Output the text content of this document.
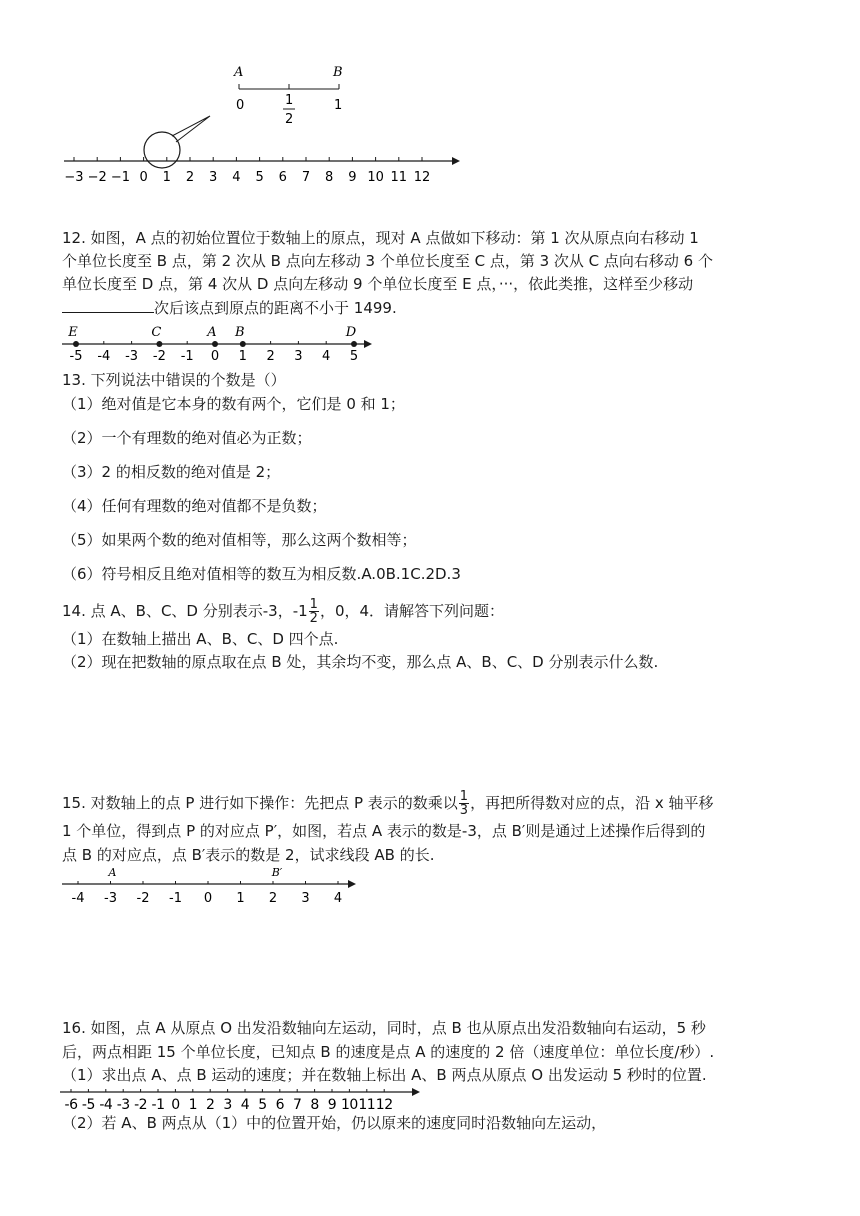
A	B
0	1
2
1
−3 −2 −1 0 1 2 3 4 5 6 7 8 9 10 11 12
12. 如图，A 点的初始位置位于数轴上的原点，现对 A 点做如下移动：第 1 次从原点向右移动 1
个单位长度至 B 点，第 2 次从 B 点向左移动 3 个单位长度至 C 点，第 3 次从 C 点向右移动 6 个
单位长度至 D 点，第 4 次从 D 点向左移动 9 个单位长度至 E 点，···，依此类推，这样至少移动
次后该点到原点的距离不小于 1499.
-5 -4 -3 -2 -1 0 1 2 3 4 5
E	C	A B	D
13. 下列说法中错误的个数是（）
（1）绝对值是它本身的数有两个，它们是 0 和 1；
（2）一个有理数的绝对值必为正数；
（3）2 的相反数的绝对值是 2；
（4）任何有理数的绝对值都不是负数；
（5）如果两个数的绝对值相等，那么这两个数相等；
（6）符号相反且绝对值相等的数互为相反数.A.0B.1C.2D.3
14. 点 A、B、C、D 分别表示-3，$-1 \frac{1}{2}$ ，0，4．请解答下列问题：
（1）在数轴上描出 A、B、C、D 四个点.
（2）现在把数轴的原点取在点 B 处，其余均不变，那么点 A、B、C、D 分别表示什么数.
15. 对数轴上的点 P 进行如下操作：先把点 P 表示的数乘以 $\frac{1}{3}$ ，再把所得数对应的点，沿 x 轴平移
1 个单位，得到点 P 的对应点 P′，如图，若点 A 表示的数是-3，点 B′则是通过上述操作后得到的
点 B 的对应点，点 B′表示的数是 2，试求线段 AB 的长.
-4 -3 -2 -1 0 1 2 3 4
A	B′
16. 如图，点 A 从原点 O 出发沿数轴向左运动，同时，点 B 也从原点出发沿数轴向右运动，5 秒
后，两点相距 15 个单位长度，已知点 B 的速度是点 A 的速度的 2 倍（速度单位：单位长度/秒）.
（1）求出点 A、点 B 运动的速度；并在数轴上标出 A、B 两点从原点 O 出发运动 5 秒时的位置.
-6 -5 -4 -3 -2 -1 0 1 2 3 4 5 6 7 8 9 10 11 12
（2）若 A、B 两点从（1）中的位置开始，仍以原来的速度同时沿数轴向左运动，
